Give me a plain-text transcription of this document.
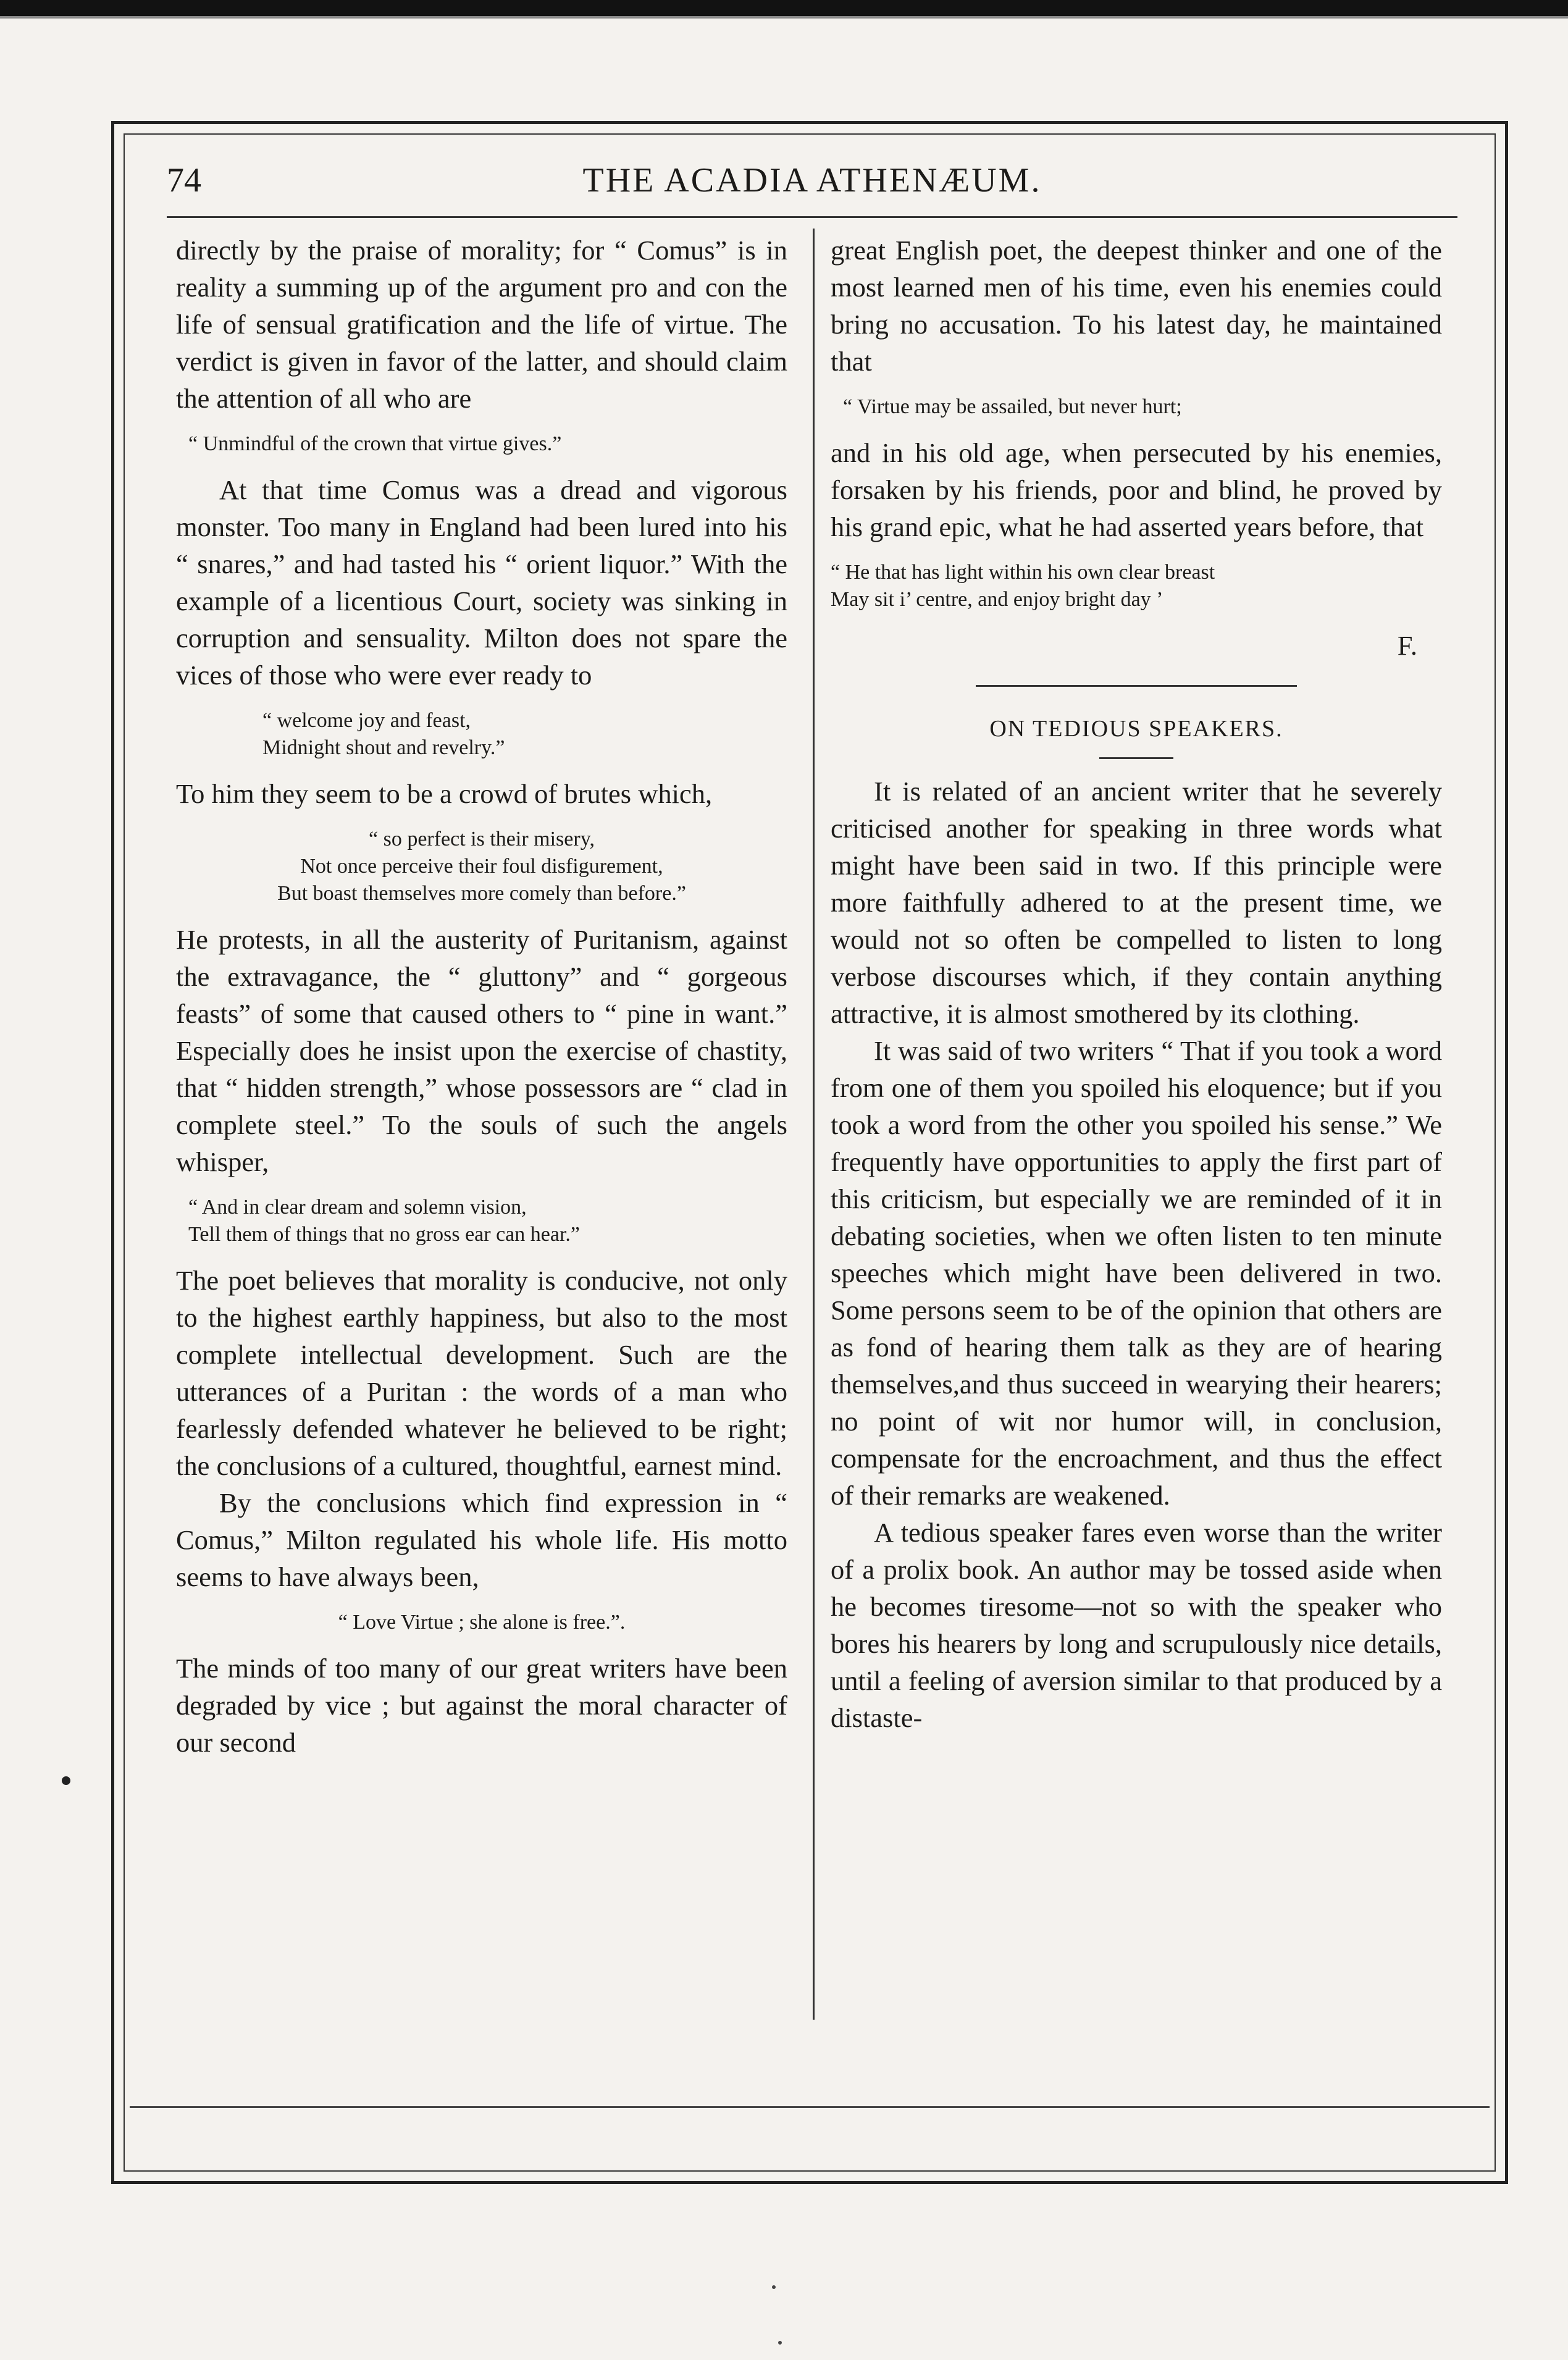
74	THE ACADIA ATHENÆUM.

directly by the praise of morality; for “ Comus” is in reality a summing up of the argument pro and con the life of sensual gratification and the life of virtue. The verdict is given in favor of the latter, and should claim the attention of all who are

“ Unmindful of the crown that virtue gives.”

At that time Comus was a dread and vigorous monster. Too many in England had been lured into his “ snares,” and had tasted his “ orient liquor.” With the example of a licentious Court, society was sinking in corruption and sensuality. Milton does not spare the vices of those who were ever ready to

“ welcome joy and feast,
Midnight shout and revelry.”

To him they seem to be a crowd of brutes which,

“ so perfect is their misery,
Not once perceive their foul disfigurement,
But boast themselves more comely than before.”

He protests, in all the austerity of Puritanism, against the extravagance, the “ gluttony” and “ gorgeous feasts” of some that caused others to “ pine in want.” Especially does he insist upon the exercise of chastity, that “ hidden strength,” whose possessors are “ clad in complete steel.” To the souls of such the angels whisper,

“ And in clear dream and solemn vision,
Tell them of things that no gross ear can hear.”

The poet believes that morality is conducive, not only to the highest earthly happiness, but also to the most complete intellectual development. Such are the utterances of a Puritan : the words of a man who fearlessly defended whatever he believed to be right; the conclusions of a cultured, thoughtful, earnest mind.

By the conclusions which find expression in “ Comus,” Milton regulated his whole life. His motto seems to have always been,

“ Love Virtue ; she alone is free.”.

The minds of too many of our great writers have been degraded by vice ; but against the moral character of our second

great English poet, the deepest thinker and one of the most learned men of his time, even his enemies could bring no accusation. To his latest day, he maintained that

“ Virtue may be assailed, but never hurt;

and in his old age, when persecuted by his enemies, forsaken by his friends, poor and blind, he proved by his grand epic, what he had asserted years before, that

“ He that has light within his own clear breast
May sit i’ centre, and enjoy bright day ’
F.
ON TEDIOUS SPEAKERS.

It is related of an ancient writer that he severely criticised another for speaking in three words what might have been said in two. If this principle were more faithfully adhered to at the present time, we would not so often be compelled to listen to long verbose discourses which, if they contain anything attractive, it is almost smothered by its clothing.

It was said of two writers “ That if you took a word from one of them you spoiled his eloquence; but if you took a word from the other you spoiled his sense.” We frequently have opportunities to apply the first part of this criticism, but especially we are reminded of it in debating societies, when we often listen to ten minute speeches which might have been delivered in two. Some persons seem to be of the opinion that others are as fond of hearing them talk as they are of hearing themselves,and thus succeed in wearying their hearers; no point of wit nor humor will, in conclusion, compensate for the encroachment, and thus the effect of their remarks are weakened.

A tedious speaker fares even worse than the writer of a prolix book. An author may be tossed aside when he becomes tiresome—not so with the speaker who bores his hearers by long and scrupulously nice details, until a feeling of aversion similar to that produced by a distaste-
